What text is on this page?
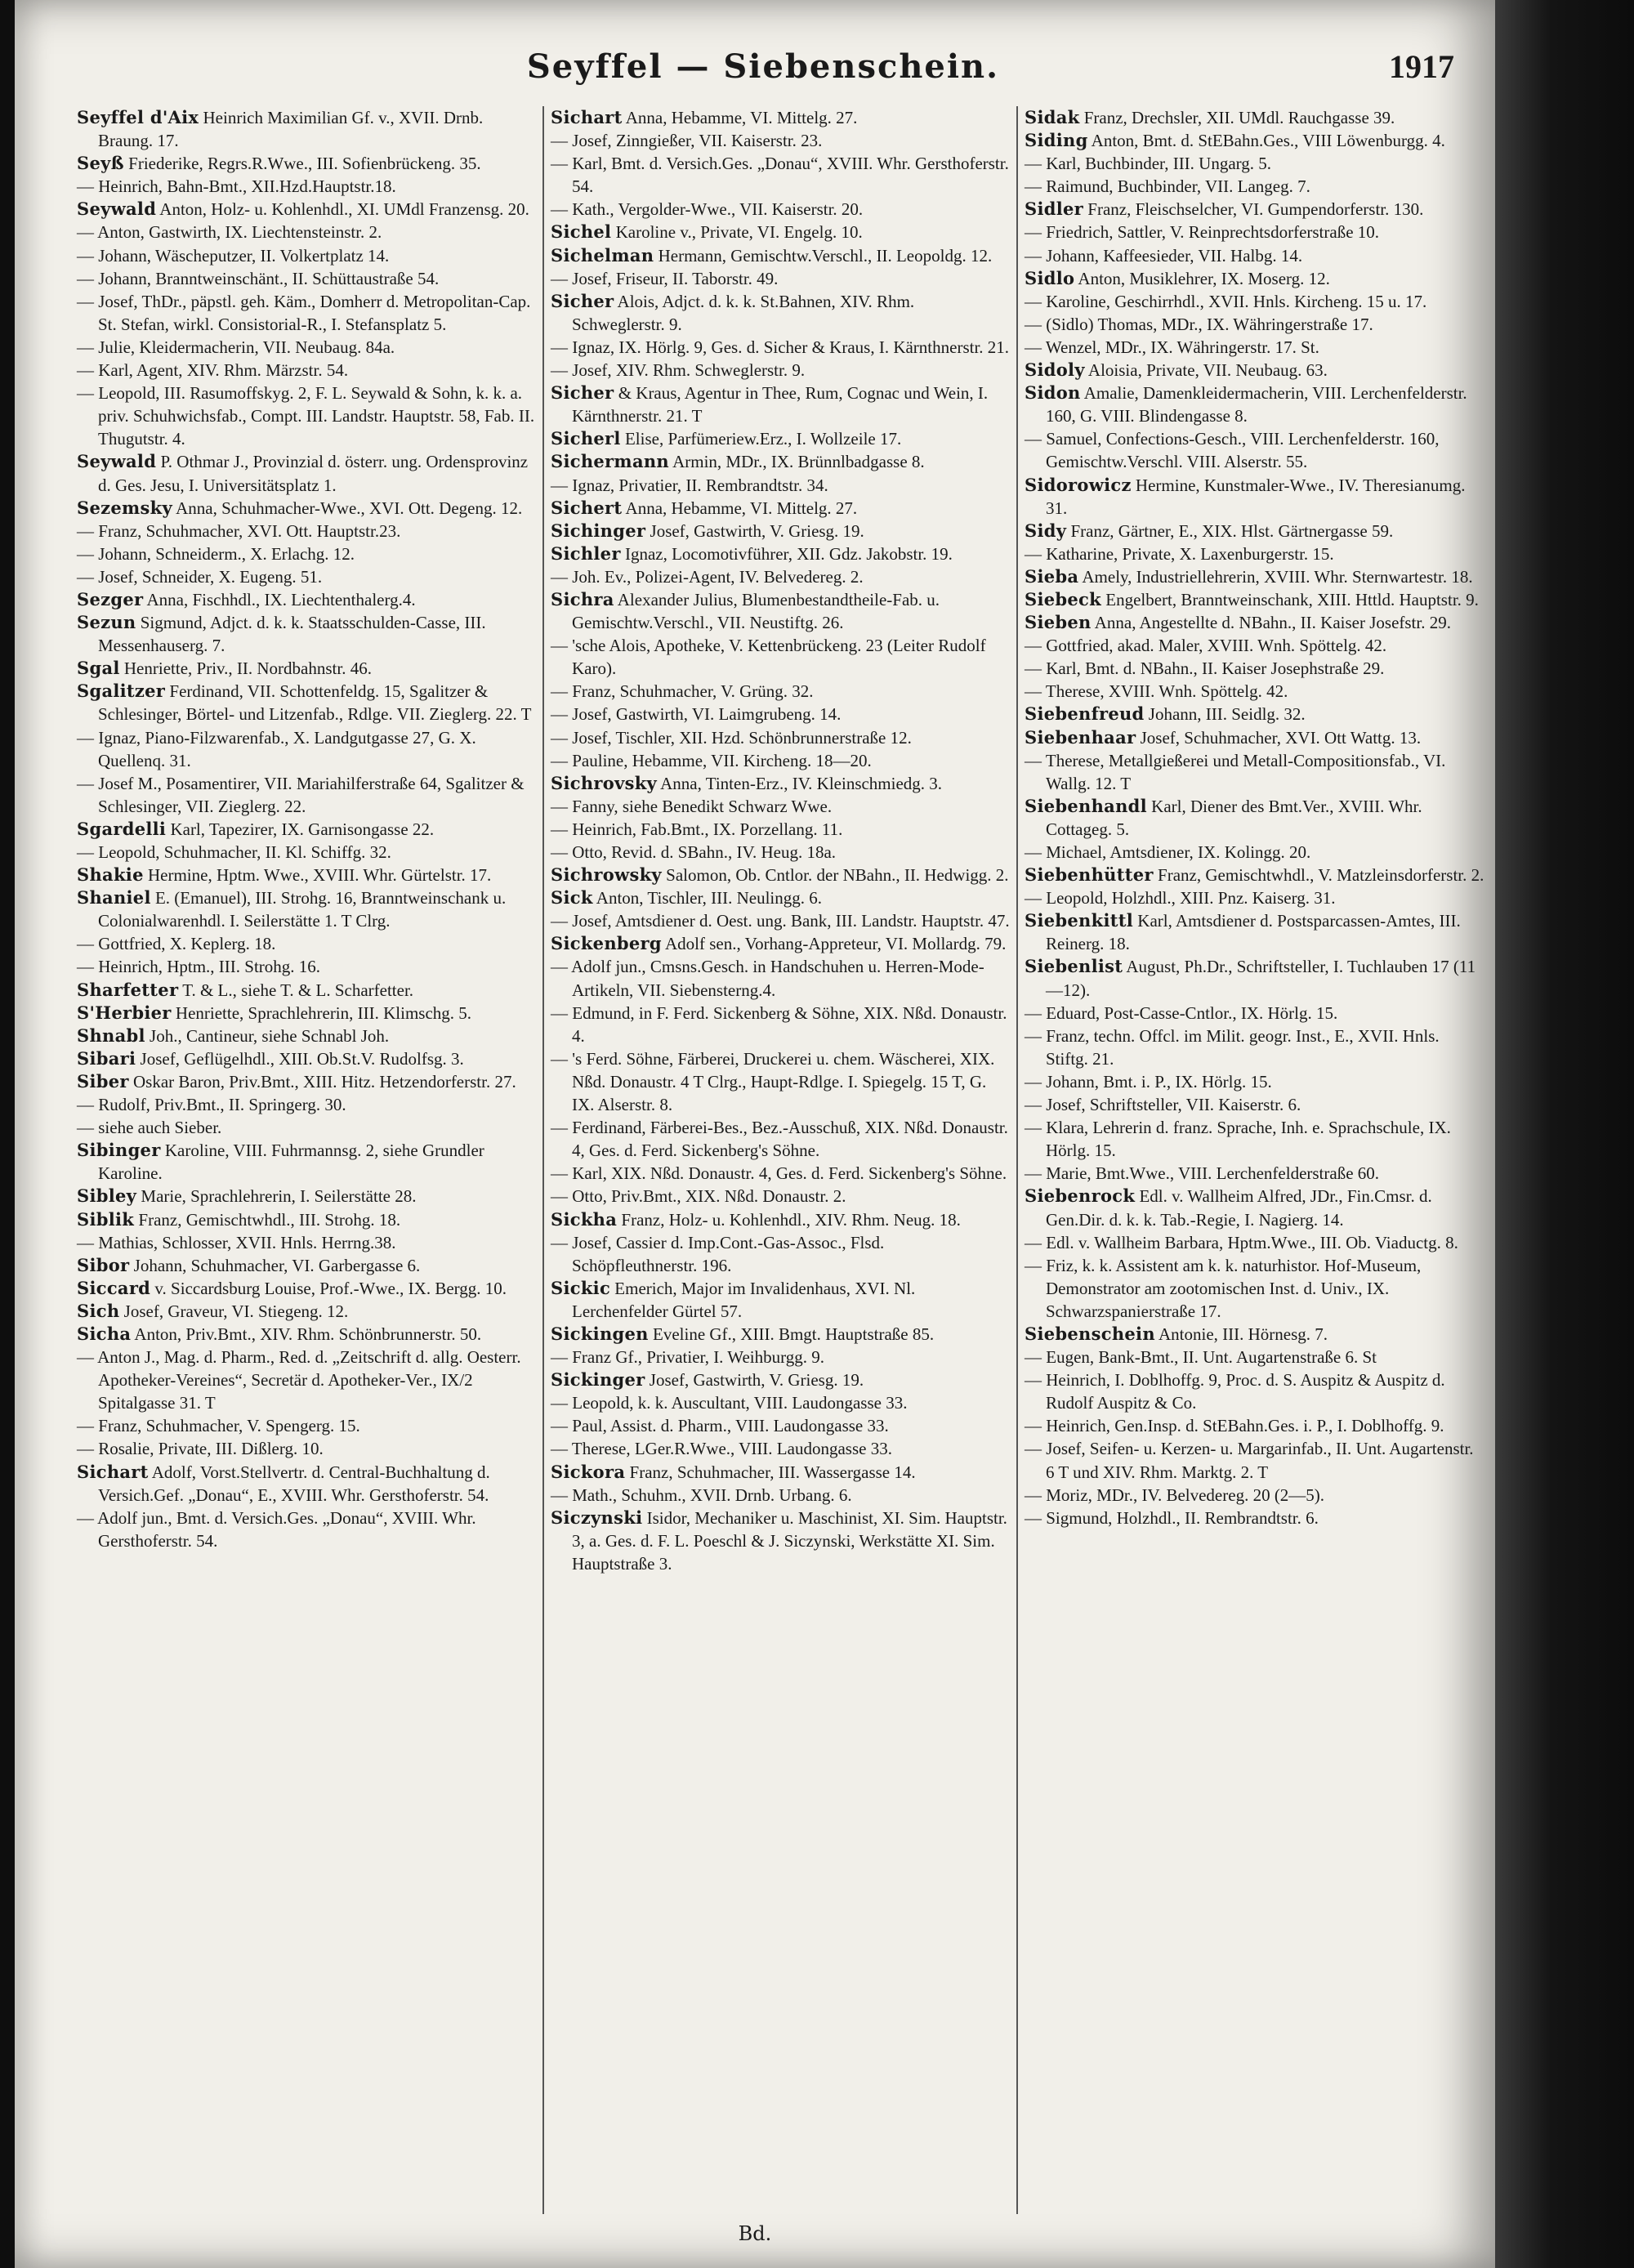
Seyffel — Siebenschein.	1917

Seyffel d'Aix Heinrich Maximilian Gf. v., XVII. Drnb. Braung. 17.

Seyß Friederike, Regrs.R.Wwe., III. Sofienbrückeng. 35.

— Heinrich, Bahn-Bmt., XII.Hzd.Hauptstr.18.

Seywald Anton, Holz- u. Kohlenhdl., XI. UMdl Franzensg. 20.

— Anton, Gastwirth, IX. Liechtensteinstr. 2.

— Johann, Wäscheputzer, II. Volkertplatz 14.

— Johann, Branntweinschänt., II. Schüttaustraße 54.

— Josef, ThDr., päpstl. geh. Käm., Domherr d. Metropolitan-Cap. St. Stefan, wirkl. Consistorial-R., I. Stefansplatz 5.

— Julie, Kleidermacherin, VII. Neubaug. 84a.

— Karl, Agent, XIV. Rhm. Märzstr. 54.

— Leopold, III. Rasumoffskyg. 2, F. L. Seywald & Sohn, k. k. a. priv. Schuhwichsfab., Compt. III. Landstr. Hauptstr. 58, Fab. II. Thugutstr. 4.

Seywald P. Othmar J., Provinzial d. österr. ung. Ordensprovinz d. Ges. Jesu, I. Universitätsplatz 1.

Sezemsky Anna, Schuhmacher-Wwe., XVI. Ott. Degeng. 12.

— Franz, Schuhmacher, XVI. Ott. Hauptstr.23.

— Johann, Schneiderm., X. Erlachg. 12.

— Josef, Schneider, X. Eugeng. 51.

Sezger Anna, Fischhdl., IX. Liechtenthalerg.4.

Sezun Sigmund, Adjct. d. k. k. Staatsschulden-Casse, III. Messenhauserg. 7.

Sgal Henriette, Priv., II. Nordbahnstr. 46.

Sgalitzer Ferdinand, VII. Schottenfeldg. 15, Sgalitzer & Schlesinger, Börtel- und Litzenfab., Rdlge. VII. Zieglerg. 22. T

— Ignaz, Piano-Filzwarenfab., X. Landgutgasse 27, G. X. Quellenq. 31.

— Josef M., Posamentirer, VII. Mariahilferstraße 64, Sgalitzer & Schlesinger, VII. Zieglerg. 22.

Sgardelli Karl, Tapezirer, IX. Garnisongasse 22.

— Leopold, Schuhmacher, II. Kl. Schiffg. 32.

Shakie Hermine, Hptm. Wwe., XVIII. Whr. Gürtelstr. 17.

Shaniel E. (Emanuel), III. Strohg. 16, Branntweinschank u. Colonialwarenhdl. I. Seilerstätte 1. T Clrg.

— Gottfried, X. Keplerg. 18.

— Heinrich, Hptm., III. Strohg. 16.

Sharfetter T. & L., siehe T. & L. Scharfetter.

S'Herbier Henriette, Sprachlehrerin, III. Klimschg. 5.

Shnabl Joh., Cantineur, siehe Schnabl Joh.

Sibari Josef, Geflügelhdl., XIII. Ob.St.V. Rudolfsg. 3.

Siber Oskar Baron, Priv.Bmt., XIII. Hitz. Hetzendorferstr. 27.

— Rudolf, Priv.Bmt., II. Springerg. 30.

— siehe auch Sieber.

Sibinger Karoline, VIII. Fuhrmannsg. 2, siehe Grundler Karoline.

Sibley Marie, Sprachlehrerin, I. Seilerstätte 28.

Siblik Franz, Gemischtwhdl., III. Strohg. 18.

— Mathias, Schlosser, XVII. Hnls. Herrng.38.

Sibor Johann, Schuhmacher, VI. Garbergasse 6.

Siccard v. Siccardsburg Louise, Prof.-Wwe., IX. Bergg. 10.

Sich Josef, Graveur, VI. Stiegeng. 12.

Sicha Anton, Priv.Bmt., XIV. Rhm. Schönbrunnerstr. 50.

— Anton J., Mag. d. Pharm., Red. d. „Zeitschrift d. allg. Oesterr. Apotheker-Vereines“, Secretär d. Apotheker-Ver., IX/2 Spitalgasse 31. T

— Franz, Schuhmacher, V. Spengerg. 15.

— Rosalie, Private, III. Dißlerg. 10.

Sichart Adolf, Vorst.Stellvertr. d. Central-Buchhaltung d. Versich.Gef. „Donau“, E., XVIII. Whr. Gersthoferstr. 54.

— Adolf jun., Bmt. d. Versich.Ges. „Donau“, XVIII. Whr. Gersthoferstr. 54.

Sichart Anna, Hebamme, VI. Mittelg. 27.

— Josef, Zinngießer, VII. Kaiserstr. 23.

— Karl, Bmt. d. Versich.Ges. „Donau“, XVIII. Whr. Gersthoferstr. 54.

— Kath., Vergolder-Wwe., VII. Kaiserstr. 20.

Sichel Karoline v., Private, VI. Engelg. 10.

Sichelman Hermann, Gemischtw.Verschl., II. Leopoldg. 12.

— Josef, Friseur, II. Taborstr. 49.

Sicher Alois, Adjct. d. k. k. St.Bahnen, XIV. Rhm. Schweglerstr. 9.

— Ignaz, IX. Hörlg. 9, Ges. d. Sicher & Kraus, I. Kärnthnerstr. 21.

— Josef, XIV. Rhm. Schweglerstr. 9.

Sicher & Kraus, Agentur in Thee, Rum, Cognac und Wein, I. Kärnthnerstr. 21. T

Sicherl Elise, Parfümeriew.Erz., I. Wollzeile 17.

Sichermann Armin, MDr., IX. Brünnlbadgasse 8.

— Ignaz, Privatier, II. Rembrandtstr. 34.

Sichert Anna, Hebamme, VI. Mittelg. 27.

Sichinger Josef, Gastwirth, V. Griesg. 19.

Sichler Ignaz, Locomotivführer, XII. Gdz. Jakobstr. 19.

— Joh. Ev., Polizei-Agent, IV. Belvedereg. 2.

Sichra Alexander Julius, Blumenbestandtheile-Fab. u. Gemischtw.Verschl., VII. Neustiftg. 26.

— 'sche Alois, Apotheke, V. Kettenbrückeng. 23 (Leiter Rudolf Karo).

— Franz, Schuhmacher, V. Grüng. 32.

— Josef, Gastwirth, VI. Laimgrubeng. 14.

— Josef, Tischler, XII. Hzd. Schönbrunnerstraße 12.

— Pauline, Hebamme, VII. Kircheng. 18—20.

Sichrovsky Anna, Tinten-Erz., IV. Kleinschmiedg. 3.

— Fanny, siehe Benedikt Schwarz Wwe.

— Heinrich, Fab.Bmt., IX. Porzellang. 11.

— Otto, Revid. d. SBahn., IV. Heug. 18a.

Sichrowsky Salomon, Ob. Cntlor. der NBahn., II. Hedwigg. 2.

Sick Anton, Tischler, III. Neulingg. 6.

— Josef, Amtsdiener d. Oest. ung. Bank, III. Landstr. Hauptstr. 47.

Sickenberg Adolf sen., Vorhang-Appreteur, VI. Mollardg. 79.

— Adolf jun., Cmsns.Gesch. in Handschuhen u. Herren-Mode-Artikeln, VII. Siebensterng.4.

— Edmund, in F. Ferd. Sickenberg & Söhne, XIX. Nßd. Donaustr. 4.

— 's Ferd. Söhne, Färberei, Druckerei u. chem. Wäscherei, XIX. Nßd. Donaustr. 4 T Clrg., Haupt-Rdlge. I. Spiegelg. 15 T, G. IX. Alserstr. 8.

— Ferdinand, Färberei-Bes., Bez.-Ausschuß, XIX. Nßd. Donaustr. 4, Ges. d. Ferd. Sickenberg's Söhne.

— Karl, XIX. Nßd. Donaustr. 4, Ges. d. Ferd. Sickenberg's Söhne.

— Otto, Priv.Bmt., XIX. Nßd. Donaustr. 2.

Sickha Franz, Holz- u. Kohlenhdl., XIV. Rhm. Neug. 18.

— Josef, Cassier d. Imp.Cont.-Gas-Assoc., Flsd. Schöpfleuthnerstr. 196.

Sickic Emerich, Major im Invalidenhaus, XVI. Nl. Lerchenfelder Gürtel 57.

Sickingen Eveline Gf., XIII. Bmgt. Hauptstraße 85.

— Franz Gf., Privatier, I. Weihburgg. 9.

Sickinger Josef, Gastwirth, V. Griesg. 19.

— Leopold, k. k. Auscultant, VIII. Laudongasse 33.

— Paul, Assist. d. Pharm., VIII. Laudongasse 33.

— Therese, LGer.R.Wwe., VIII. Laudongasse 33.

Sickora Franz, Schuhmacher, III. Wassergasse 14.

— Math., Schuhm., XVII. Drnb. Urbang. 6.

Siczynski Isidor, Mechaniker u. Maschinist, XI. Sim. Hauptstr. 3, a. Ges. d. F. L. Poeschl & J. Siczynski, Werkstätte XI. Sim. Hauptstraße 3.

Sidak Franz, Drechsler, XII. UMdl. Rauchgasse 39.

Siding Anton, Bmt. d. StEBahn.Ges., VIII Löwenburgg. 4.

— Karl, Buchbinder, III. Ungarg. 5.

— Raimund, Buchbinder, VII. Langeg. 7.

Sidler Franz, Fleischselcher, VI. Gumpendorferstr. 130.

— Friedrich, Sattler, V. Reinprechtsdorferstraße 10.

— Johann, Kaffeesieder, VII. Halbg. 14.

Sidlo Anton, Musiklehrer, IX. Moserg. 12.

— Karoline, Geschirrhdl., XVII. Hnls. Kircheng. 15 u. 17.

— (Sidlo) Thomas, MDr., IX. Währingerstraße 17.

— Wenzel, MDr., IX. Währingerstr. 17. St.

Sidoly Aloisia, Private, VII. Neubaug. 63.

Sidon Amalie, Damenkleidermacherin, VIII. Lerchenfelderstr. 160, G. VIII. Blindengasse 8.

— Samuel, Confections-Gesch., VIII. Lerchenfelderstr. 160, Gemischtw.Verschl. VIII. Alserstr. 55.

Sidorowicz Hermine, Kunstmaler-Wwe., IV. Theresianumg. 31.

Sidy Franz, Gärtner, E., XIX. Hlst. Gärtnergasse 59.

— Katharine, Private, X. Laxenburgerstr. 15.

Sieba Amely, Industriellehrerin, XVIII. Whr. Sternwartestr. 18.

Siebeck Engelbert, Branntweinschank, XIII. Httld. Hauptstr. 9.

Sieben Anna, Angestellte d. NBahn., II. Kaiser Josefstr. 29.

— Gottfried, akad. Maler, XVIII. Wnh. Spöttelg. 42.

— Karl, Bmt. d. NBahn., II. Kaiser Josephstraße 29.

— Therese, XVIII. Wnh. Spöttelg. 42.

Siebenfreud Johann, III. Seidlg. 32.

Siebenhaar Josef, Schuhmacher, XVI. Ott Wattg. 13.

— Therese, Metallgießerei und Metall-Compositionsfab., VI. Wallg. 12. T

Siebenhandl Karl, Diener des Bmt.Ver., XVIII. Whr. Cottageg. 5.

— Michael, Amtsdiener, IX. Kolingg. 20.

Siebenhütter Franz, Gemischtwhdl., V. Matzleinsdorferstr. 2.

— Leopold, Holzhdl., XIII. Pnz. Kaiserg. 31.

Siebenkittl Karl, Amtsdiener d. Postsparcassen-Amtes, III. Reinerg. 18.

Siebenlist August, Ph.Dr., Schriftsteller, I. Tuchlauben 17 (11—12).

— Eduard, Post-Casse-Cntlor., IX. Hörlg. 15.

— Franz, techn. Offcl. im Milit. geogr. Inst., E., XVII. Hnls. Stiftg. 21.

— Johann, Bmt. i. P., IX. Hörlg. 15.

— Josef, Schriftsteller, VII. Kaiserstr. 6.

— Klara, Lehrerin d. franz. Sprache, Inh. e. Sprachschule, IX. Hörlg. 15.

— Marie, Bmt.Wwe., VIII. Lerchenfelderstraße 60.

Siebenrock Edl. v. Wallheim Alfred, JDr., Fin.Cmsr. d. Gen.Dir. d. k. k. Tab.-Regie, I. Nagierg. 14.

— Edl. v. Wallheim Barbara, Hptm.Wwe., III. Ob. Viaductg. 8.

— Friz, k. k. Assistent am k. k. naturhistor. Hof-Museum, Demonstrator am zootomischen Inst. d. Univ., IX. Schwarzspanierstraße 17.

Siebenschein Antonie, III. Hörnesg. 7.

— Eugen, Bank-Bmt., II. Unt. Augartenstraße 6. St

— Heinrich, I. Doblhoffg. 9, Proc. d. S. Auspitz & Auspitz d. Rudolf Auspitz & Co.

— Heinrich, Gen.Insp. d. StEBahn.Ges. i. P., I. Doblhoffg. 9.

— Josef, Seifen- u. Kerzen- u. Margarinfab., II. Unt. Augartenstr. 6 T und XIV. Rhm. Marktg. 2. T

— Moriz, MDr., IV. Belvedereg. 20 (2—5).

— Sigmund, Holzhdl., II. Rembrandtstr. 6.

Bd.
